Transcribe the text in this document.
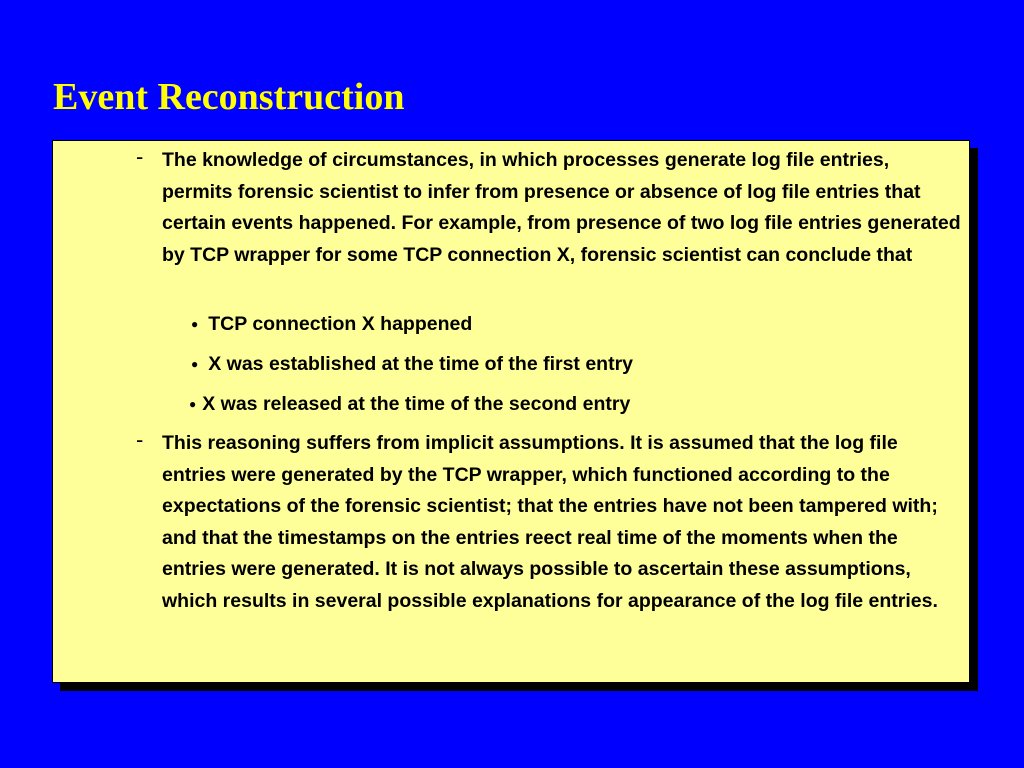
Event Reconstruction
- The knowledge of circumstances, in which processes generate log file entries, permits forensic scientist to infer from presence or absence of log file entries that certain events happened. For example, from presence of two log file entries generated by TCP wrapper for some TCP connection X, forensic scientist can conclude that
● TCP connection X happened
● X was established at the time of the first entry
● X was released at the time of the second entry
- This reasoning suffers from implicit assumptions. It is assumed that the log file entries were generated by the TCP wrapper, which functioned according to the expectations of the forensic scientist; that the entries have not been tampered with; and that the timestamps on the entries reect real time of the moments when the entries were generated. It is not always possible to ascertain these assumptions, which results in several possible explanations for appearance of the log file entries.
